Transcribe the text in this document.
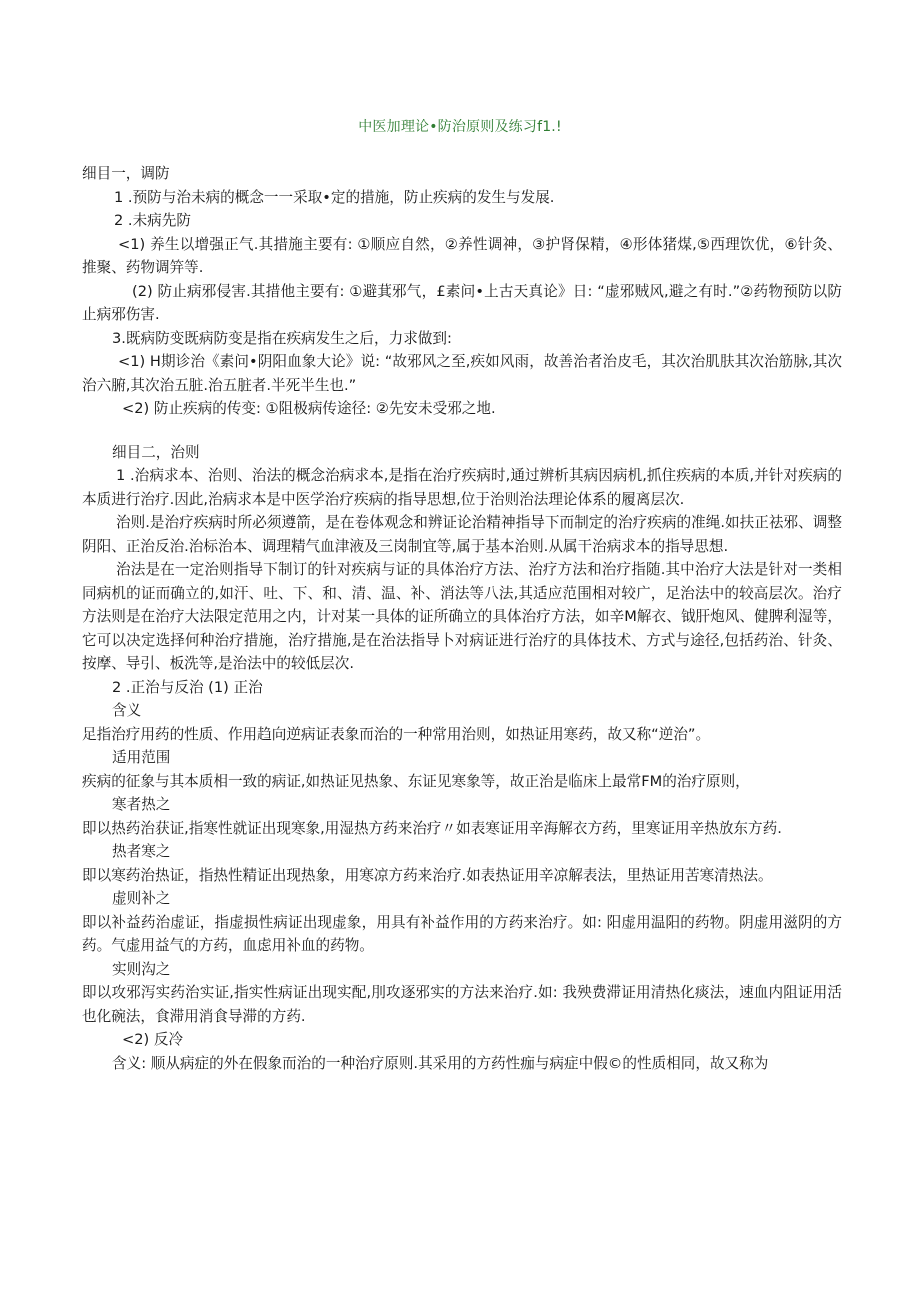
中医加理论•防治原则及练习f1.!

细目一，调防

1 .预防与治未病的概念一一采取•定的措施，防止疾病的发生与发展.

2 .未病先防

<1) 养生以增强正气.其措施主要有: ①顺应自然，②养性调神，③护肾保精，④形体猪煤,⑤西理饮优，⑥针灸、推聚、药物调笄等.

(2) 防止病邪侵害.其措他主要有: ①避萁邪气，£素问•上古天真论》日: “虚邪贼风,避之有时.”②药物预防以防止病邪伤害.

3.既病防变既病防变是指在疾病发生之后，力求做到:

<1) H期诊治《素问•阴阳血象大论》说: “故邪风之至,疾如风雨，故善治者治皮毛，其次治肌肤其次治筋脉,其次治六腑,其次治五脏.治五脏者.半死半生也.”

<2) 防止疾病的传变: ①阻极病传途径: ②先安未受邪之地.

细目二，治则

1 .治病求本、治则、治法的概念治病求本,是指在治疗疾病时,通过辨析其病因病机,抓住疾病的本质,并针对疾病的本质进行治疗.因此,治病求本是中医学治疗疾病的指导思想,位于治则治法理论体系的履离层次.

治则.是治疗疾病时所必须遵箭，是在卷体观念和辨证论治精神指导下而制定的治疗疾病的准绳.如扶正祛邪、调整阴阳、正治反治.治标治本、调理精气血津液及三岗制宜等,属于基本治则.从属干治病求本的指导思想.

治法是在一定治则指导下制订的针对疾病与证的具体治疗方法、治疗方法和治疗指随.其中治疗大法是针对一类相同病机的证而确立的,如汗、吐、下、和、清、温、补、消法等八法,其适应范围相对较广，足治法中的较高层次。治疗方法则是在治疗大法限定范用之内，计对某一具体的证所确立的具体治疗方法，如辛M解衣、钺肝炮风、健脾利湿等，它可以决定选择何种治疗措施，治疗措施,是在治法指导卜对病证进行治疗的具体技术、方式与途径,包括药治、针灸、按摩、导引、板洗等,是治法中的较低层次.

2 .正治与反治 (1) 正治

含义

足指治疗用药的性质、作用趋向逆病证表象而治的一种常用治则，如热证用寒药，故又称“逆治”。

适用范围

疾病的征象与其本质相一致的病证,如热证见热象、东证见寒象等，故正治是临床上最常FM的治疗原则，

寒者热之

即以热药治获证,指寒性就证出现寒象,用湿热方药来治疗〃如表寒证用辛海解衣方药，里寒证用辛热放东方药.

热者寒之

即以寒药治热证，指热性精证出现热象，用寒凉方药来治疗.如表热证用辛凉解表法，里热证用苦寒清热法。

虚则补之

即以补益药治虚证，指虚损性病证出现虚象，用具有补益作用的方药来治疗。如: 阳虚用温阳的药物。阴虚用滋阴的方药。气虚用益气的方药，血虑用补血的药物。

实则沟之

即以攻邪泻实药治实证,指实性病证出现实配,刖攻逐邪实的方法来治疗.如: 我殃费滞证用清热化痰法，速血内阻证用活也化碗法，食滞用消食导滞的方药.

<2) 反冷

含义: 顺从病症的外在假象而治的一种治疗原则.其采用的方药性痂与病症中假©的性质相同，故又称为
